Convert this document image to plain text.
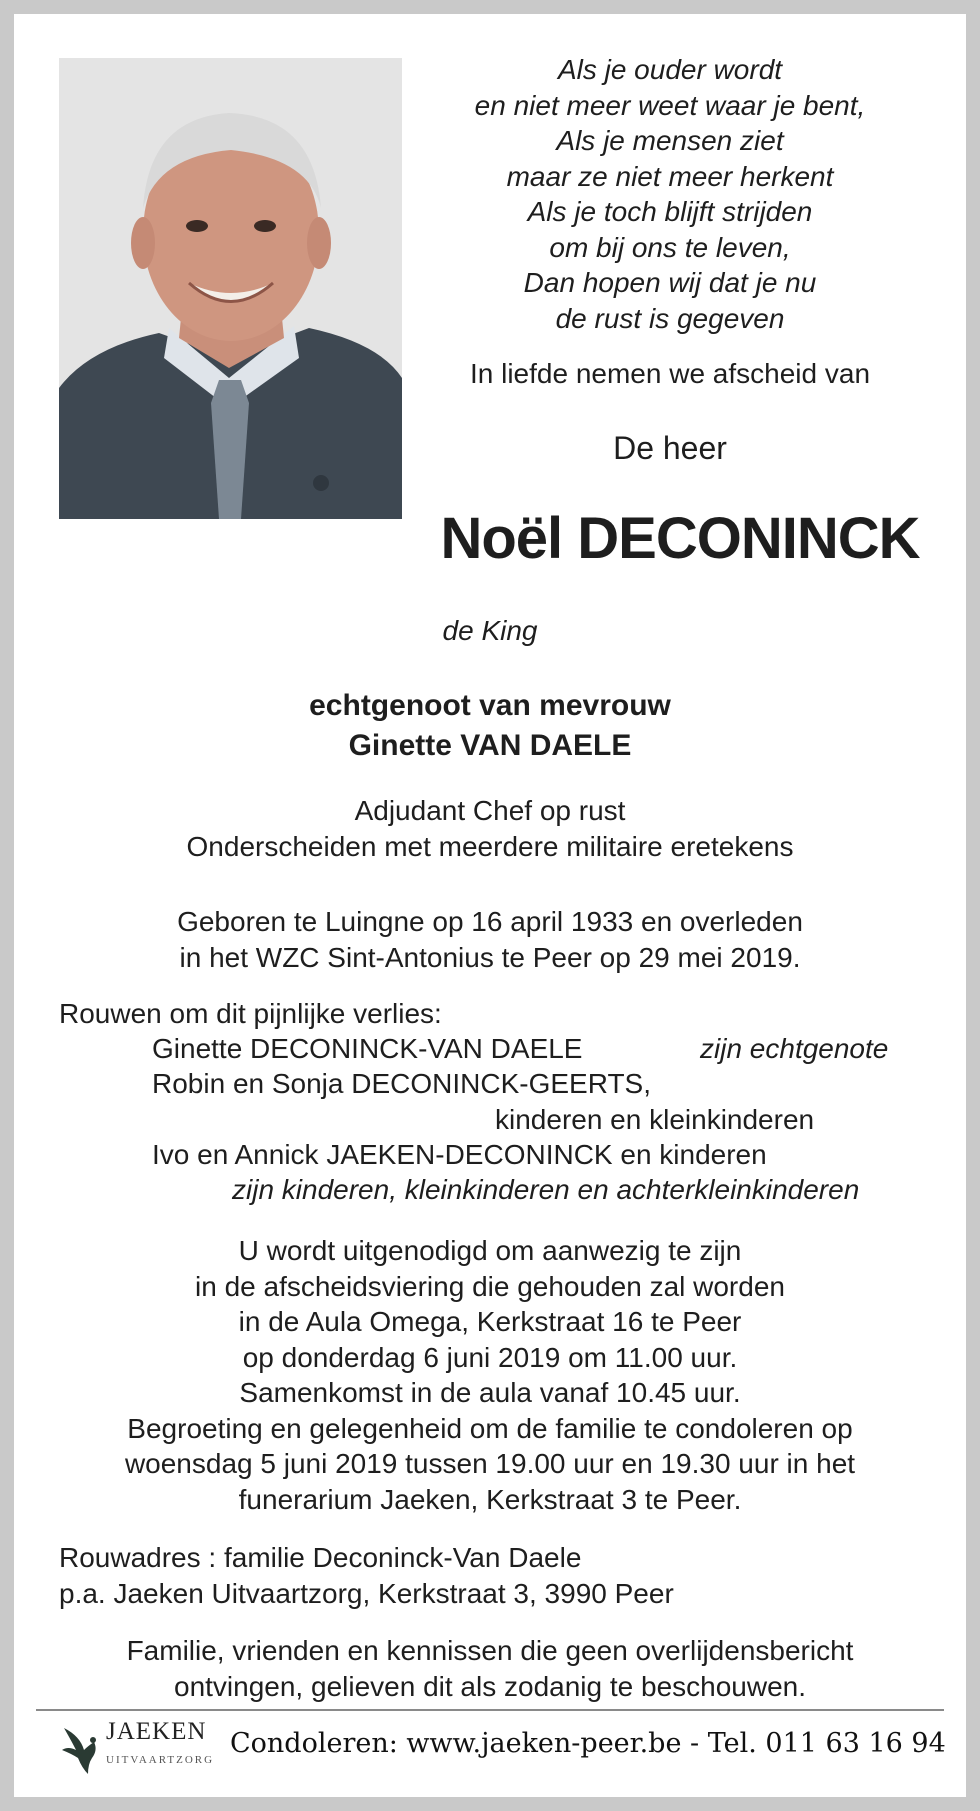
Als je ouder wordt
en niet meer weet waar je bent,
Als je mensen ziet
maar ze niet meer herkent
Als je toch blijft strijden
om bij ons te leven,
Dan hopen wij dat je nu
de rust is gegeven
In liefde nemen we afscheid van
De heer
Noël DECONINCK
de King
echtgenoot van mevrouw
Ginette VAN DAELE
Adjudant Chef op rust
Onderscheiden met meerdere militaire eretekens
Geboren te Luingne op 16 april 1933 en overleden
in het WZC Sint-Antonius te Peer op 29 mei 2019.
Rouwen om dit pijnlijke verlies:
Ginette DECONINCK-VAN DAELE	zijn echtgenote
Robin en Sonja DECONINCK-GEERTS,
kinderen en kleinkinderen
Ivo en Annick JAEKEN-DECONINCK en kinderen
zijn kinderen, kleinkinderen en achterkleinkinderen
U wordt uitgenodigd om aanwezig te zijn
in de afscheidsviering die gehouden zal worden
in de Aula Omega, Kerkstraat 16 te Peer
op donderdag 6 juni 2019 om 11.00 uur.
Samenkomst in de aula vanaf 10.45 uur.
Begroeting en gelegenheid om de familie te condoleren op
woensdag 5 juni 2019 tussen 19.00 uur en 19.30 uur in het
funerarium Jaeken, Kerkstraat 3 te Peer.
Rouwadres : familie Deconinck-Van Daele
p.a. Jaeken Uitvaartzorg, Kerkstraat 3, 3990 Peer
Familie, vrienden en kennissen die geen overlijdensbericht
ontvingen, gelieven dit als zodanig te beschouwen.
JAEKEN
UITVAARTZORG
Condoleren: www.jaeken-peer.be - Tel. 011 63 16 94
